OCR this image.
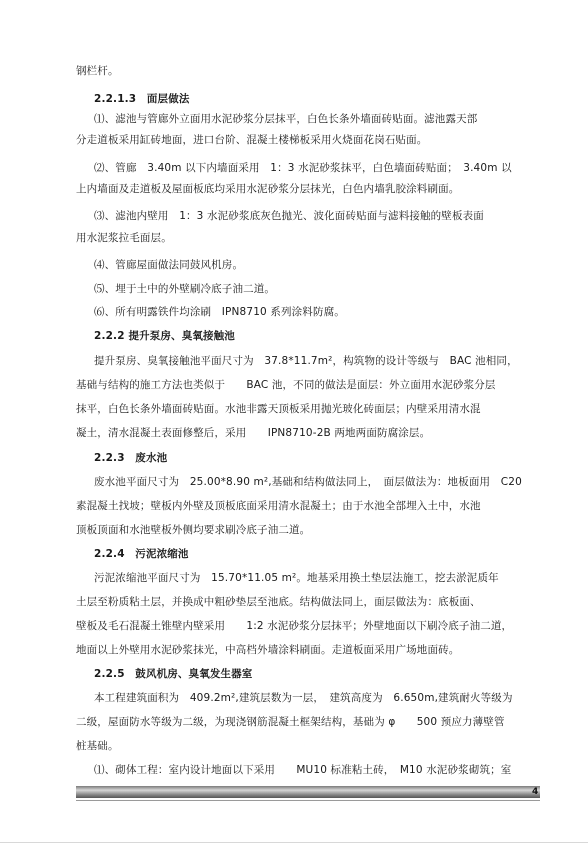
钢栏杆。
2.2.1.3　面层做法
⑴、滤池与管廊外立面用水泥砂浆分层抹平，白色长条外墙面砖贴面。滤池露天部
分走道板采用缸砖地面，进口台阶、混凝土楼梯板采用火烧面花岗石贴面。
⑵、管廊　3.40m 以下内墙面采用　1：3 水泥砂浆抹平，白色墙面砖贴面；　3.40m 以
上内墙面及走道板及屋面板底均采用水泥砂浆分层抹光，白色内墙乳胶涂料刷面。
⑶、滤池内壁用　1：3 水泥砂浆底灰色抛光、波化面砖贴面与滤料接触的壁板表面
用水泥浆拉毛面层。
⑷、管廊屋面做法同鼓风机房。
⑸、埋于土中的外壁刷冷底子油二道。
⑹、所有明露铁件均涂刷　IPN8710 系列涂料防腐。
2.2.2 提升泵房、臭氧接触池
提升泵房、臭氧接触池平面尺寸为　37.8*11.7m²，构筑物的设计等级与　BAC 池相同，
基础与结构的施工方法也类似于　　BAC 池，不同的做法是面层：外立面用水泥砂浆分层
抹平，白色长条外墙面砖贴面。水池非露天顶板采用抛光玻化砖面层；内壁采用清水混
凝土，清水混凝土表面修整后，采用　　IPN8710-2B 两地两面防腐涂层。
2.2.3　废水池
废水池平面尺寸为　25.00*8.90 m²,基础和结构做法同上，　面层做法为：地板面用　C20
素混凝土找坡；壁板内外壁及顶板底面采用清水混凝土；由于水池全部埋入土中，水池
顶板顶面和水池壁板外侧均要求刷冷底子油二道。
2.2.4　污泥浓缩池
污泥浓缩池平面尺寸为　15.70*11.05 m²。地基采用换土垫层法施工，挖去淤泥质年
土层至粉质粘土层，并换成中粗砂垫层至池底。结构做法同上，面层做法为：底板面、
壁板及毛石混凝土锥壁内壁采用　　1:2 水泥砂浆分层抹平；外壁地面以下刷冷底子油二道，
地面以上外壁用水泥砂浆抹光，中高档外墙涂料刷面。走道板面采用广场地面砖。
2.2.5　鼓风机房、臭氧发生器室
本工程建筑面积为　409.2m²,建筑层数为一层，　建筑高度为　6.650m,建筑耐火等级为
二级，屋面防水等级为二级，为现浇钢筋混凝土框架结构，基础为 φ　　500 预应力薄壁管
桩基础。
⑴、砌体工程：室内设计地面以下采用　　MU10 标准粘土砖，　M10 水泥砂浆砌筑；室
4
